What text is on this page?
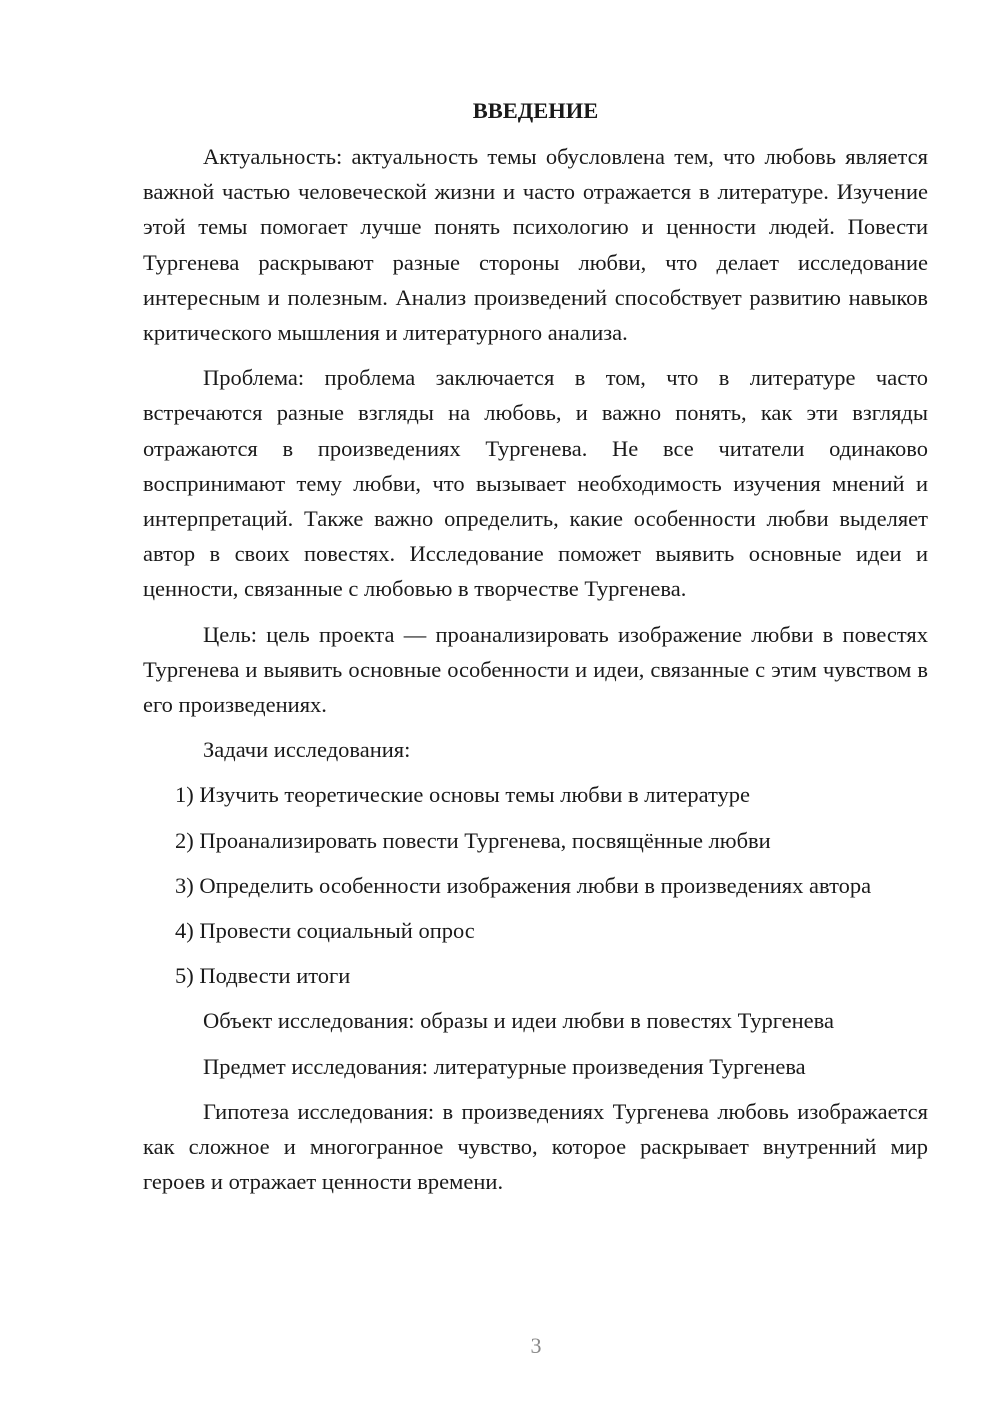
ВВЕДЕНИЕ

Актуальность: актуальность темы обусловлена тем, что любовь является важной частью человеческой жизни и часто отражается в литературе. Изучение этой темы помогает лучше понять психологию и ценности людей. Повести Тургенева раскрывают разные стороны любви, что делает исследование интересным и полезным. Анализ произведений способствует развитию навыков критического мышления и литературного анализа.

Проблема: проблема заключается в том, что в литературе часто встречаются разные взгляды на любовь, и важно понять, как эти взгляды отражаются в произведениях Тургенева. Не все читатели одинаково воспринимают тему любви, что вызывает необходимость изучения мнений и интерпретаций. Также важно определить, какие особенности любви выделяет автор в своих повестях. Исследование поможет выявить основные идеи и ценности, связанные с любовью в творчестве Тургенева.

Цель: цель проекта — проанализировать изображение любви в повестях Тургенева и выявить основные особенности и идеи, связанные с этим чувством в его произведениях.

Задачи исследования:

1) Изучить теоретические основы темы любви в литературе

2) Проанализировать повести Тургенева, посвящённые любви

3) Определить особенности изображения любви в произведениях автора

4) Провести социальный опрос

5) Подвести итоги

Объект исследования: образы и идеи любви в повестях Тургенева

Предмет исследования: литературные произведения Тургенева

Гипотеза исследования: в произведениях Тургенева любовь изображается как сложное и многогранное чувство, которое раскрывает внутренний мир героев и отражает ценности времени.

3
